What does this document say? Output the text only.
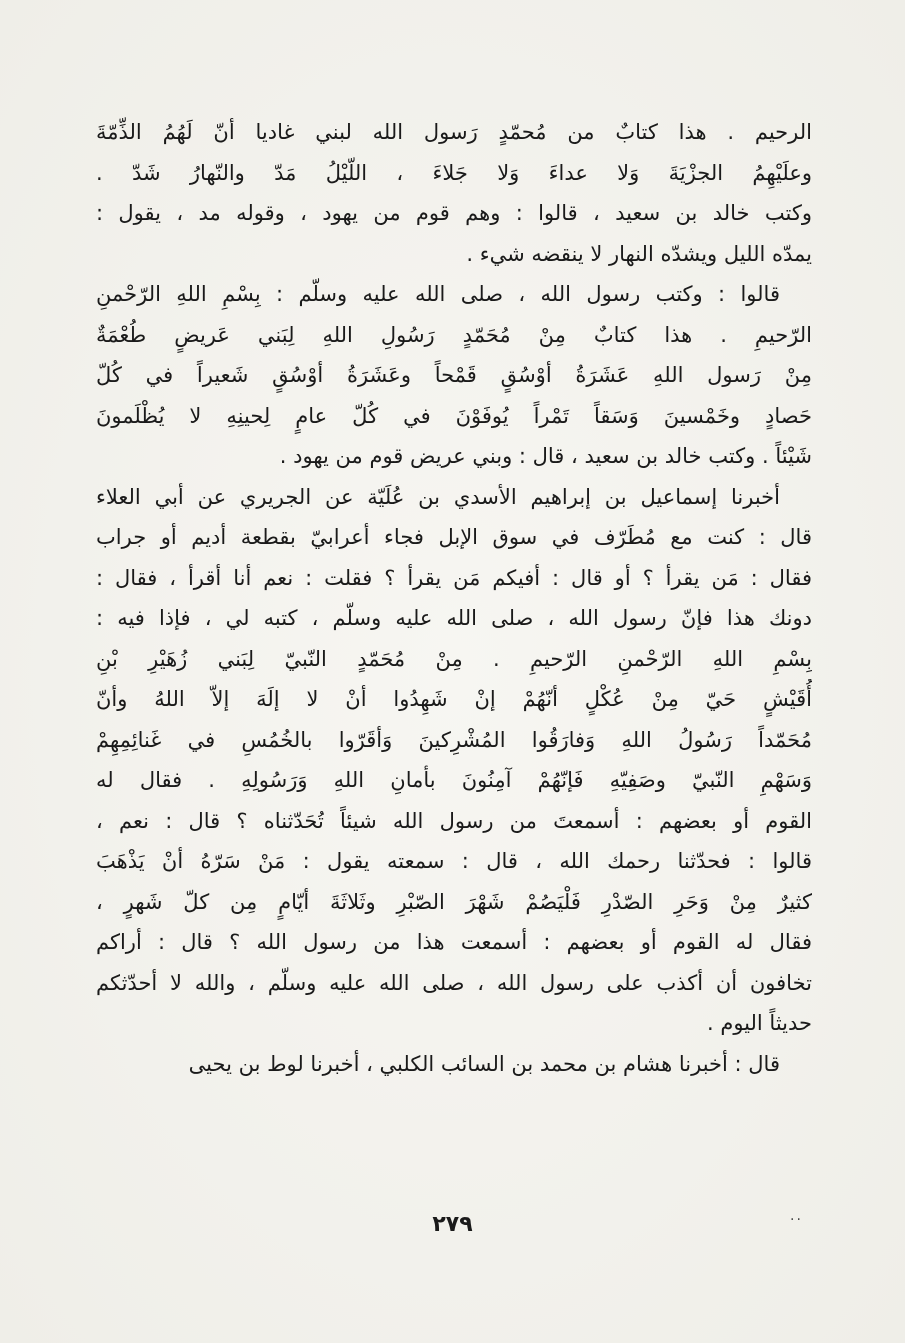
الرحيم . هذا كتابٌ من مُحمّدٍ رَسول الله لبني غاديا أنّ لَهُمُ الذِّمّةَ
وعلَيْهِمُ الجزْيَةَ وَلا عداءَ وَلا جَلاءَ ، اللّيْلُ مَدّ والنّهارُ شَدّ .
وكتب خالد بن سعيد ، قالوا : وهم قوم من يهود ، وقوله مد ، يقول :
يمدّه الليل ويشدّه النهار لا ينقضه شيء .
قالوا : وكتب رسول الله ، صلى الله عليه وسلّم : بِسْمِ اللهِ الرّحْمنِ
الرّحيمِ . هذا كتابٌ مِنْ مُحَمّدٍ رَسُولِ اللهِ لِبَني عَريضٍ طُعْمَةٌ
مِنْ رَسول اللهِ عَشَرَةُ أوْسُقٍ قَمْحاً وعَشَرَةُ أوْسُقٍ شَعيراً في كُلّ
حَصادٍ وخَمْسينَ وَسَقاً تَمْراً يُوفَوْنَ في كُلّ عامٍ لِحينِهِ لا يُظْلَمونَ
شَيْئاً . وكتب خالد بن سعيد ، قال : وبني عريض قوم من يهود .
أخبرنا إسماعيل بن إبراهيم الأسدي بن عُلَيّة عن الجريري عن أبي العلاء
قال : كنت مع مُطَرّف في سوق الإبل فجاء أعرابيّ بقطعة أديم أو جراب
فقال : مَن يقرأ ؟ أو قال : أفيكم مَن يقرأ ؟ فقلت : نعم أنا أقرأ ، فقال :
دونك هذا فإنّ رسول الله ، صلى الله عليه وسلّم ، كتبه لي ، فإذا فيه :
بِسْمِ اللهِ الرّحْمنِ الرّحيمِ . مِنْ مُحَمّدٍ النّبيّ لِبَني زُهَيْرِ بْنِ
أُقَيْشٍ حَيّ مِنْ عُكْلٍ أنّهُمْ إنْ شَهِدُوا أنْ لا إلَهَ إلاّ اللهُ وأنّ
مُحَمّداً رَسُولُ اللهِ وَفارَقُوا المُشْرِكينَ وَأقَرّوا بالخُمُسِ في غَنائِمِهِمْ
وَسَهْمِ النّبيّ وصَفِيّهِ فَإنّهُمْ آمِنُونَ بأمانِ اللهِ وَرَسُولِهِ . فقال له
القوم أو بعضهم : أسمعتَ من رسول الله شيئاً تُحَدّثناه ؟ قال : نعم ،
قالوا : فحدّثنا رحمك الله ، قال : سمعته يقول : مَنْ سَرّهُ أنْ يَذْهَبَ
كثيرٌ مِنْ وَحَرِ الصّدْرِ فَلْيَصُمْ شَهْرَ الصّبْرِ وثَلاثَةَ أيّامٍ مِن كلّ شَهرٍ ،
فقال له القوم أو بعضهم : أسمعت هذا من رسول الله ؟ قال : أراكم
تخافون أن أكذب على رسول الله ، صلى الله عليه وسلّم ، والله لا أحدّثكم
حديثاً اليوم .
قال : أخبرنا هشام بن محمد بن السائب الكلبي ، أخبرنا لوط بن يحيى
..
٢٧٩
